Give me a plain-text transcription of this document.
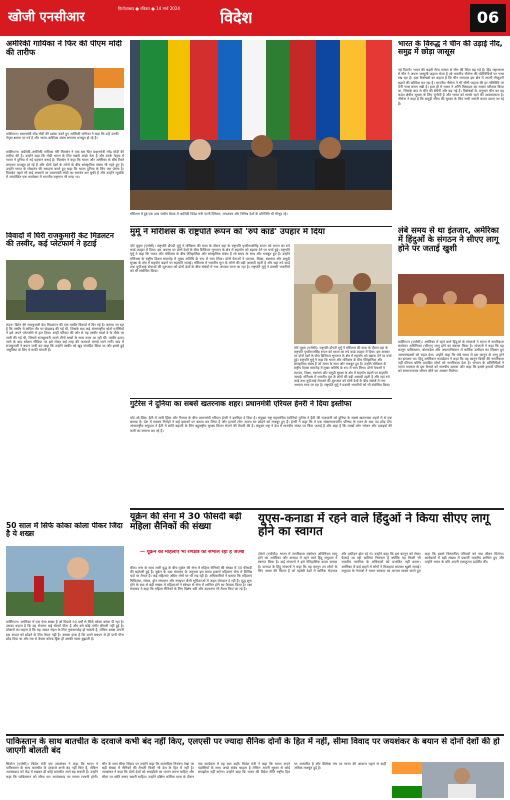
खोजी एनसीआर
फ़िरोज़ाबाद ● रविवार ● 14 मार्च 2024	विदेश	06
अमेरिकी गायिका ने फिर की पीएम मोदी की तारीफ
वाशिंगटन। प्रधानमंत्री नरेंद्र मोदी की प्रशंसा करते हुए अमेरिकी गायिका ने कहा कि उन्हें उनकी नेतृत्व क्षमता पर गर्व है और भारत-अमेरिका संबंध लगातार मजबूत हो रहे हैं।
वाशिंगटन। अफ्रीकी-अमेरिकी गायिका मेरी मिलबेन ने एक बार फिर प्रधानमंत्री नरेंद्र मोदी की तारीफ की है। उन्होंने कहा कि मोदी भारत के लिए सबसे अच्छे नेता हैं और उनके नेतृत्व में भारत ने दुनिया में नई पहचान बनाई है। मिलबेन ने कहा कि भारत और अमेरिका के बीच रिश्ते लगातार मजबूत हो रहे हैं और दोनों देशों के लोगों के बीच सांस्कृतिक संबंध भी गहरे हुए हैं। उन्होंने भारत के लोकतंत्र की सराहना करते हुए कहा कि भारत दुनिया के लिए एक प्रेरणा है। मिलबेन पहले भी कई अवसरों पर प्रधानमंत्री मोदी का समर्थन कर चुकी हैं और उन्होंने न्यूयॉर्क में आयोजित एक कार्यक्रम में भारतीय राष्ट्रगान भी गाया था।
विवादों में घिरी राजकुमारी केट मिडलटन की तस्वीर, कई प्लेटफार्म ने हटाई
लंदन। ब्रिटेन की राजकुमारी केट मिडलटन की एक तस्वीर विवादों में घिर गई है। बताया जा रहा है कि तस्वीर में कथित तौर पर छेड़छाड़ की गई थी, जिसके बाद कई अंतरराष्ट्रीय फोटो एजेंसियों ने इसे अपने प्लेटफॉर्म से हटा दिया। शाही परिवार की ओर से यह तस्वीर मदर्स डे के मौके पर जारी की गई थी, जिसमें राजकुमारी अपने तीनों बच्चों के साथ नजर आ रही थीं। तस्वीर हटाए जाने के बाद सोशल मीडिया पर इसे लेकर कई तरह की अटकलें लगाई जाने लगीं। बाद में राजकुमारी ने बयान जारी कर कहा कि उन्होंने तस्वीर को खुद संपादित किया था और इससे हुई असुविधा के लिए वे माफी मांगती हैं।
50 साल में सिर्फ कोका कोला पीकर जिंदा है ये शख्स
वाशिंगटन। अमेरिका में एक ऐसा शख्स है जो पिछले 50 वर्षों से सिर्फ कोका कोला पी रहा है। उसका कहना है कि वह रोजाना कई बोतलें पीता है और उसे कोई गंभीर बीमारी नहीं हुई है। डॉक्टरों का कहना है कि यह आदत सेहत के लिए नुकसानदेह हो सकती है, लेकिन शख्स अपनी इस आदत को छोड़ने के लिए तैयार नहीं है। उसका दावा है कि उसने बचपन से ही पानी पीना छोड़ दिया था और तब से केवल कोल्ड ड्रिंक ही उसकी प्यास बुझाती है।
मॉरीशस में हुई एक उच्च स्तरीय बैठक में अफ्रीकी विदेश मंत्री एंटनी ब्लिंकन, जयशंकर और विभिन्न देशों के प्रतिनिधि भी मौजूद रहे।
भारत के विरुद्ध ने चीन की उड़ाई नींद, समुद्र में छोड़ा जासूस
नई दिल्ली। भारत की बढ़ती सैन्य ताकत से चीन की चिंता बढ़ गई है। हिंद महासागर में चीन ने अपना जासूसी जहाज भेजा है जो भारतीय नौसेना की गतिविधियों पर नजर रख रहा है। रक्षा विशेषज्ञों का कहना है कि चीन लगातार इस क्षेत्र में अपनी मौजूदगी बढ़ाने की कोशिश कर रहा है। भारतीय नौसेना ने भी चीनी जहाज की हर गतिविधि पर पैनी नजर बनाए रखी है। हाल ही में भारत ने अग्नि मिसाइल का सफल परीक्षण किया था, जिसके बाद से चीन की बेचैनी और बढ़ गई है। विशेषज्ञों के अनुसार चीन का यह कदम क्षेत्रीय सुरक्षा के लिए चुनौती है और भारत को सतर्क रहने की आवश्यकता है। नौसेना ने कहा है कि समुद्री सीमा की सुरक्षा के लिए सभी जरूरी कदम उठाए जा रहे हैं।
मुर्मू ने मॉरीशस के राष्ट्रपति रूपन को 'रुपे कार्ड' उपहार में दिया
पोर्ट लुइस (एजेंसी)। राष्ट्रपति द्रौपदी मुर्मू ने मॉरीशस की यात्रा के दौरान वहां के राष्ट्रपति पृथ्वीराजसिंह रूपन को भारत का रुपे कार्ड उपहार में दिया। इस अवसर पर दोनों देशों के बीच डिजिटल भुगतान के क्षेत्र में सहयोग को बढ़ावा देने पर चर्चा हुई। राष्ट्रपति मुर्मू ने कहा कि भारत और मॉरीशस के बीच ऐतिहासिक और सांस्कृतिक संबंध हैं जो समय के साथ और मजबूत हुए हैं। उन्होंने मॉरीशस के राष्ट्रीय दिवस समारोह में मुख्य अतिथि के रूप में भाग लिया। दोनों नेताओं ने व्यापार, शिक्षा, स्वास्थ्य और समुद्री सुरक्षा के क्षेत्र में सहयोग बढ़ाने पर सहमति जताई। मॉरीशस में भारतीय मूल के लोगों की बड़ी आबादी रहती है और वहां रुपे कार्ड तथा यूपीआई सेवाओं की शुरुआत को दोनों देशों के बीच संबंधों में नया अध्याय माना जा रहा है। राष्ट्रपति मुर्मू ने प्रवासी भारतीयों को भी संबोधित किया।
पोर्ट लुइस (एजेंसी)। राष्ट्रपति द्रौपदी मुर्मू ने मॉरीशस की यात्रा के दौरान वहां के राष्ट्रपति पृथ्वीराजसिंह रूपन को भारत का रुपे कार्ड उपहार में दिया। इस अवसर पर दोनों देशों के बीच डिजिटल भुगतान के क्षेत्र में सहयोग को बढ़ावा देने पर चर्चा हुई। राष्ट्रपति मुर्मू ने कहा कि भारत और मॉरीशस के बीच ऐतिहासिक और सांस्कृतिक संबंध हैं जो समय के साथ और मजबूत हुए हैं। उन्होंने मॉरीशस के राष्ट्रीय दिवस समारोह में मुख्य अतिथि के रूप में भाग लिया। दोनों नेताओं ने व्यापार, शिक्षा, स्वास्थ्य और समुद्री सुरक्षा के क्षेत्र में सहयोग बढ़ाने पर सहमति जताई। मॉरीशस में भारतीय मूल के लोगों की बड़ी आबादी रहती है और वहां रुपे कार्ड तथा यूपीआई सेवाओं की शुरुआत को दोनों देशों के बीच संबंधों में नया अध्याय माना जा रहा है। राष्ट्रपति मुर्मू ने प्रवासी भारतीयों को भी संबोधित किया।
लंबे समय से था इंतजार, अमेरिका में हिंदुओं के संगठन ने सीएए लागू होने पर जताई खुशी
वाशिंगटन (एजेंसी)। अमेरिका में रहने वाले हिंदुओं के संगठनों ने भारत में नागरिकता संशोधन अधिनियम (सीएए) लागू होने का स्वागत किया है। संगठनों ने कहा कि यह कानून पाकिस्तान, बांग्लादेश और अफगानिस्तान में धार्मिक उत्पीड़न का शिकार हुए अल्पसंख्यकों को राहत देगा। उन्होंने कहा कि लंबे समय से इस कानून के लागू होने का इंतजार था। हिंदू अमेरिकन फाउंडेशन ने कहा कि यह कानून किसी की नागरिकता नहीं छीनता बल्कि प्रताड़ित लोगों को नागरिकता देता है। संगठन के प्रतिनिधियों ने भारत सरकार के इस फैसले को मानवीय बताया और कहा कि इससे हजारों परिवारों को सम्मानजनक जीवन जीने का अवसर मिलेगा।
गुटेरेस ने दुनिया का सबसे खतरनाक शहर। प्रधानमंत्री एरियल हेनरी ने दिया इस्तीफा
पोर्ट-ऑ-प्रिंस। हैती में जारी हिंसा और गैंगवार के बीच प्रधानमंत्री एरियल हेनरी ने इस्तीफा दे दिया है। संयुक्त राष्ट्र महासचिव एंटोनियो गुटेरेस ने हैती की राजधानी को दुनिया के सबसे खतरनाक शहरों में से एक बताया है। देश में सशस्त्र गिरोहों ने कई इलाकों पर कब्जा कर लिया है और हजारों लोग अपना घर छोड़ने को मजबूर हुए हैं। हेनरी ने कहा कि वे एक संक्रमणकालीन परिषद के गठन के बाद पद छोड़ देंगे। अंतरराष्ट्रीय समुदाय ने हैती में शांति बहाली के लिए बहुराष्ट्रीय सुरक्षा मिशन भेजने की तैयारी की है। संयुक्त राष्ट्र ने देश में मानवीय संकट पर चिंता जताई है और कहा है कि लाखों लोग भोजन और दवाइयों की कमी का सामना कर रहे हैं।
यूक्रेन की सेना में 30 फीसदी बढ़ी महिला सैनिकों की संख्या
— यूक्रेन की महिलाएं भी रणक्षेत्र को संभाल रहा है जज्बा
कीव। रूस के साथ जारी युद्ध के बीच यूक्रेन की सेना में महिला सैनिकों की संख्या में 30 फीसदी की बढ़ोतरी हुई है। यूक्रेन के रक्षा मंत्रालय के अनुसार इस समय हजारों महिलाएं सेना में विभिन्न पदों पर तैनात हैं। कई महिलाएं अग्रिम मोर्चे पर भी लड़ रही हैं। अधिकारियों ने बताया कि महिलाएं चिकित्सा, संचार, ड्रोन संचालन और स्नाइपर जैसी भूमिकाओं में अहम योगदान दे रही हैं। युद्ध शुरू होने के बाद से बड़ी संख्या में महिलाओं ने स्वेच्छा से सेना में शामिल होने का फैसला किया है। रक्षा मंत्रालय ने कहा कि महिला सैनिकों के लिए विशेष वर्दी और उपकरण भी तैयार किए जा रहे हैं।
यूएस-कनाडा में रहने वाले हिंदुओं ने किया सीएए लागू होने का स्वागत
टोरंटो (एजेंसी)। भारत में नागरिकता संशोधन अधिनियम लागू होने का अमेरिका और कनाडा में रहने वाले हिंदू समुदाय ने स्वागत किया है। कई संगठनों ने इसे ऐतिहासिक कदम बताया है। कनाडा के हिंदू संगठनों ने कहा कि यह कानून उन लोगों के लिए आशा की किरण है जो पड़ोसी देशों में धार्मिक भेदभाव और उत्पीड़न झेल रहे थे। उन्होंने कहा कि इस कानून को लेकर फैलाई जा रही भ्रांतियां निराधार हैं क्योंकि यह किसी भी भारतीय नागरिक के अधिकारों को प्रभावित नहीं करता। अमेरिका में कई शहरों में लोगों ने मिठाइयां बांटकर खुशी जताई। समुदाय के नेताओं ने भारत सरकार का आभार व्यक्त करते हुए कहा कि इससे विस्थापित परिवारों को नया जीवन मिलेगा। कार्यक्रमों में बड़ी संख्या में प्रवासी भारतीय शामिल हुए और उन्होंने भारत के प्रति अपनी एकजुटता प्रदर्शित की।
पाकिस्तान के साथ बातचीत के दरवाजे कभी बंद नहीं किए, एलएसी पर ज्यादा सैनिक दोनों के हित में नहीं, सीमा विवाद पर जयशंकर के बयान से दोनों देशों की हो जाएगी बोलती बंद
सियोल (एजेंसी)। विदेश मंत्री एस जयशंकर ने कहा कि भारत ने पाकिस्तान के साथ बातचीत के दरवाजे कभी बंद नहीं किए हैं, लेकिन आतंकवाद को केंद्र में रखकर ही कोई बातचीत आगे बढ़ सकती है। उन्होंने कहा कि पाकिस्तान को सीमा पार आतंकवाद पर लगाम लगानी होगी। चीन के साथ सीमा विवाद पर उन्होंने कहा कि वास्तविक नियंत्रण रेखा पर बड़ी संख्या में सैनिकों की तैनाती किसी भी देश के हित में नहीं है। जयशंकर ने कहा कि दोनों देशों को समझौतों का पालन करना चाहिए और सीमा पर शांति बनाए रखनी चाहिए। उन्होंने दक्षिण कोरिया यात्रा के दौरान एक कार्यक्रम में यह बात कही। विदेश मंत्री ने कहा कि भारत अपने पड़ोसियों के साथ अच्छे संबंध चाहता है लेकिन अपनी सुरक्षा से कोई समझौता नहीं करेगा। उन्होंने कहा कि भारत की विदेश नीति राष्ट्रीय हित पर आधारित है और वैश्विक मंच पर भारत की आवाज पहले से कहीं अधिक मजबूत हुई है।
